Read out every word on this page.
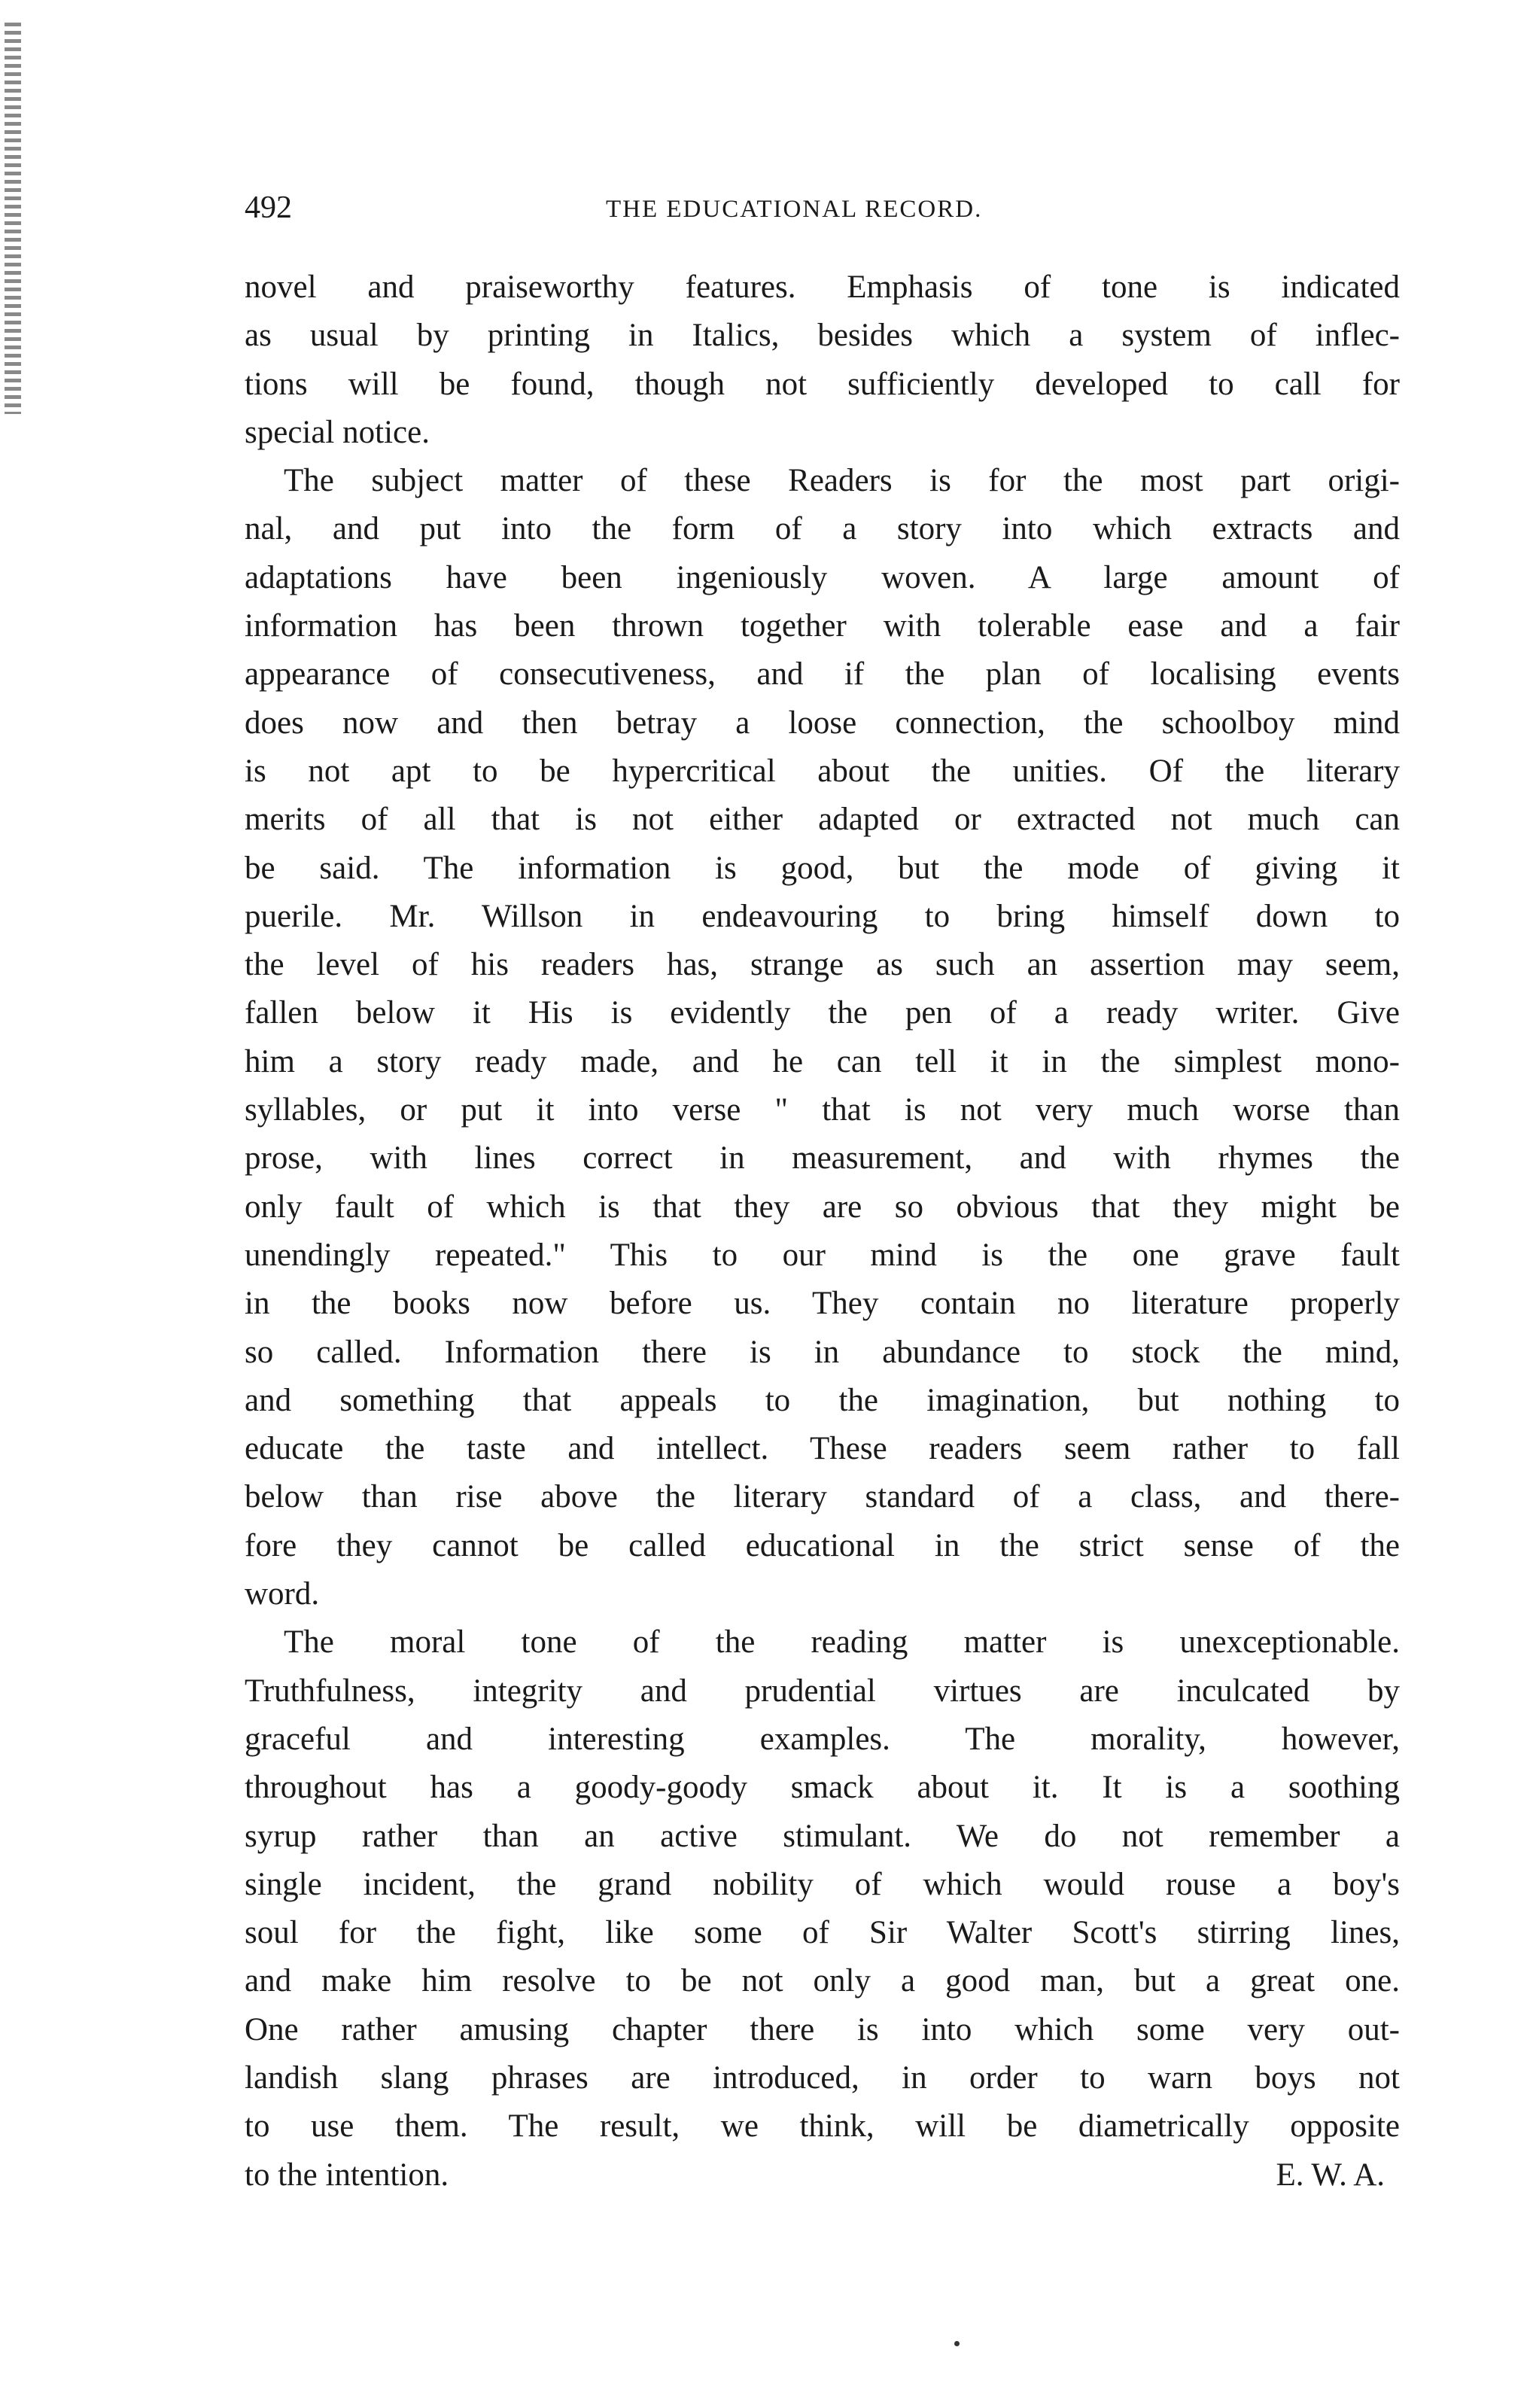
492	THE EDUCATIONAL RECORD.
novel and praiseworthy features. Emphasis of tone is indicated
as usual by printing in Italics, besides which a system of inflec-
tions will be found, though not sufficiently developed to call for
special notice.
The subject matter of these Readers is for the most part origi-
nal, and put into the form of a story into which extracts and
adaptations have been ingeniously woven. A large amount of
information has been thrown together with tolerable ease and a fair
appearance of consecutiveness, and if the plan of localising events
does now and then betray a loose connection, the schoolboy mind
is not apt to be hypercritical about the unities. Of the literary
merits of all that is not either adapted or extracted not much can
be said. The information is good, but the mode of giving it
puerile. Mr. Willson in endeavouring to bring himself down to
the level of his readers has, strange as such an assertion may seem,
fallen below it His is evidently the pen of a ready writer. Give
him a story ready made, and he can tell it in the simplest mono-
syllables, or put it into verse " that is not very much worse than
prose, with lines correct in measurement, and with rhymes the
only fault of which is that they are so obvious that they might be
unendingly repeated." This to our mind is the one grave fault
in the books now before us. They contain no literature properly
so called. Information there is in abundance to stock the mind,
and something that appeals to the imagination, but nothing to
educate the taste and intellect. These readers seem rather to fall
below than rise above the literary standard of a class, and there-
fore they cannot be called educational in the strict sense of the
word.
The moral tone of the reading matter is unexceptionable.
Truthfulness, integrity and prudential virtues are inculcated by
graceful and interesting examples. The morality, however,
throughout has a goody-goody smack about it. It is a soothing
syrup rather than an active stimulant. We do not remember a
single incident, the grand nobility of which would rouse a boy's
soul for the fight, like some of Sir Walter Scott's stirring lines,
and make him resolve to be not only a good man, but a great one.
One rather amusing chapter there is into which some very out-
landish slang phrases are introduced, in order to warn boys not
to use them. The result, we think, will be diametrically opposite
to the intention.	E. W. A.
